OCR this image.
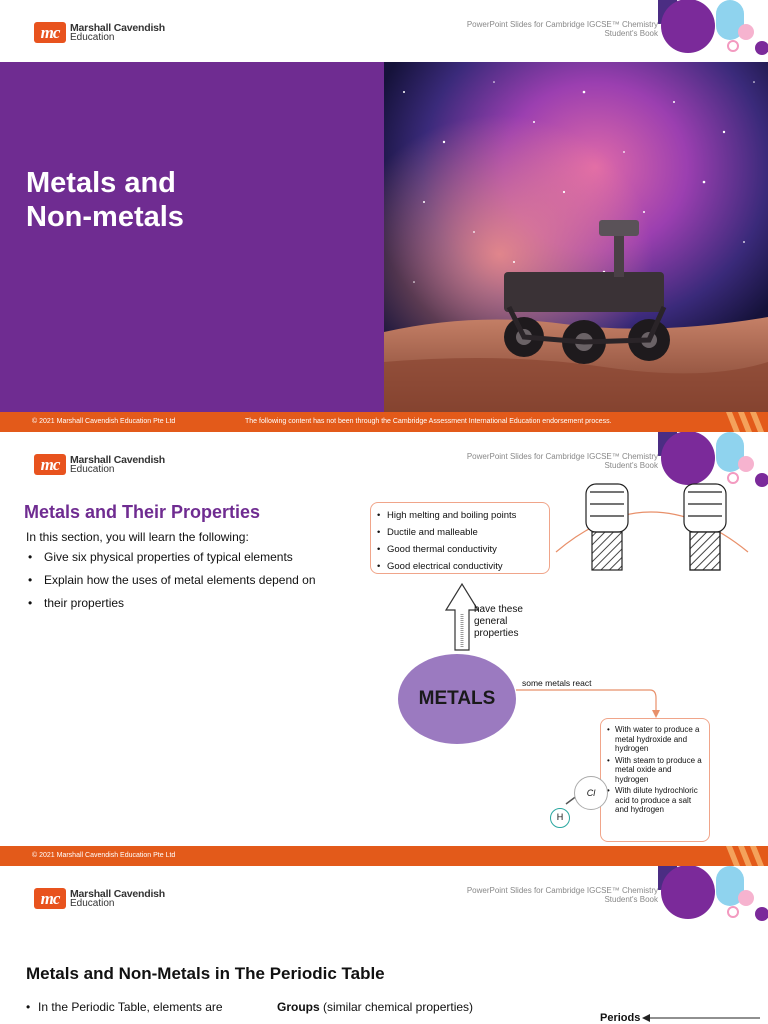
mc	Marshall Cavendish
Education
PowerPoint Slides for Cambridge IGCSE™ Chemistry
Student's Book
Metals and
Non-metals
© 2021 Marshall Cavendish Education Pte Ltd	The following content has not been through the Cambridge Assessment International Education endorsement process.
mc	Marshall Cavendish
Education
PowerPoint Slides for Cambridge IGCSE™ Chemistry
Student's Book
Metals and Their Properties
In this section, you will learn the following:
• Give six physical properties of typical elements
• Explain how the uses of metal elements depend on
• their properties
• High melting and boiling points
• Ductile and malleable
• Good thermal conductivity
• Good electrical conductivity
have these
general
properties
METALS
some metals react
• With water to produce a metal hydroxide and hydrogen
• With steam to produce a metal oxide and hydrogen
• With dilute hydrochloric acid to produce a salt and hydrogen
Cl
H
© 2021 Marshall Cavendish Education Pte Ltd
mc	Marshall Cavendish
Education
PowerPoint Slides for Cambridge IGCSE™ Chemistry
Student's Book
Metals and Non-Metals in The Periodic Table
• In the Periodic Table, elements are	Groups (similar chemical properties)
Periods
